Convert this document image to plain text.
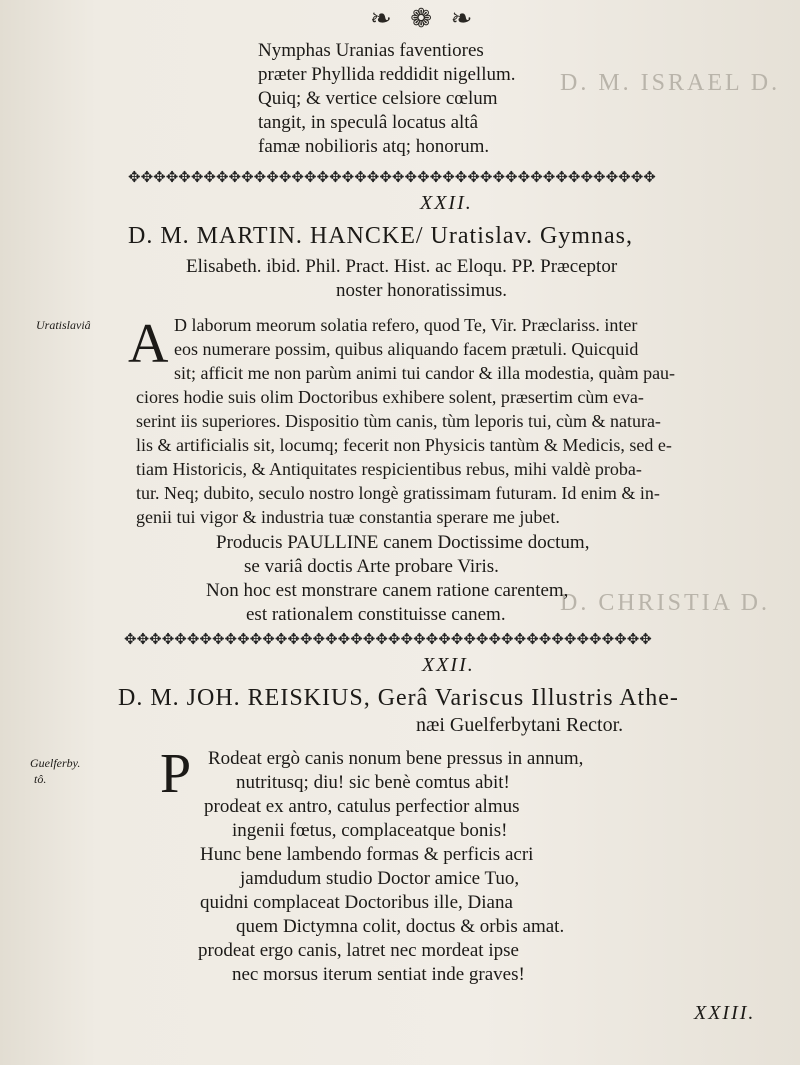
D. M. ISRAEL D.
D. CHRISTIA D.
❧ ❁ ❧
Nymphas Uranias faventiores
præter Phyllida reddidit nigellum.
Quiq; & vertice celsiore cœlum
tangit, in speculâ locatus altâ
famæ nobilioris atq; honorum.
✥✥✥✥✥✥✥✥✥✥✥✥✥✥✥✥✥✥✥✥✥✥✥✥✥✥✥✥✥✥✥✥✥✥✥✥✥✥✥✥✥✥
XXII.
D. M. MARTIN. HANCKE/ Uratislav. Gymnas,
Elisabeth. ibid. Phil. Pract. Hist. ac Eloqu. PP. Præceptor
noster honoratissimus.
Uratislaviâ A D laborum meorum solatia refero, quod Te, Vir. Præclariss. inter
eos numerare possim, quibus aliquando facem prætuli. Quicquid
sit; afficit me non parùm animi tui candor & illa modestia, quàm pau-
ciores hodie suis olim Doctoribus exhibere solent, præsertim cùm eva-
serint iis superiores. Dispositio tùm canis, tùm leporis tui, cùm & natura-
lis & artificialis sit, locumq; fecerit non Physicis tantùm & Medicis, sed e-
tiam Historicis, & Antiquitates respicientibus rebus, mihi valdè proba-
tur. Neq; dubito, seculo nostro longè gratissimam futuram. Id enim & in-
genii tui vigor & industria tuæ constantia sperare me jubet.
Producis PAULLINE canem Doctissime doctum,
se variâ doctis Arte probare Viris.
Non hoc est monstrare canem ratione carentem,
est rationalem constituisse canem.
✥✥✥✥✥✥✥✥✥✥✥✥✥✥✥✥✥✥✥✥✥✥✥✥✥✥✥✥✥✥✥✥✥✥✥✥✥✥✥✥✥✥
XXII.
D. M. JOH. REISKIUS, Gerâ Variscus Illustris Athe-
næi Guelferbytani Rector.
Guelferby.
tô. P Rodeat ergò canis nonum bene pressus in annum,
nutritusq; diu! sic benè comtus abit!
prodeat ex antro, catulus perfectior almus
ingenii fœtus, complaceatque bonis!
Hunc bene lambendo formas & perficis acri
jamdudum studio Doctor amice Tuo,
quidni complaceat Doctoribus ille, Diana
quem Dictymna colit, doctus & orbis amat.
prodeat ergo canis, latret nec mordeat ipse
nec morsus iterum sentiat inde graves!
XXIII.
